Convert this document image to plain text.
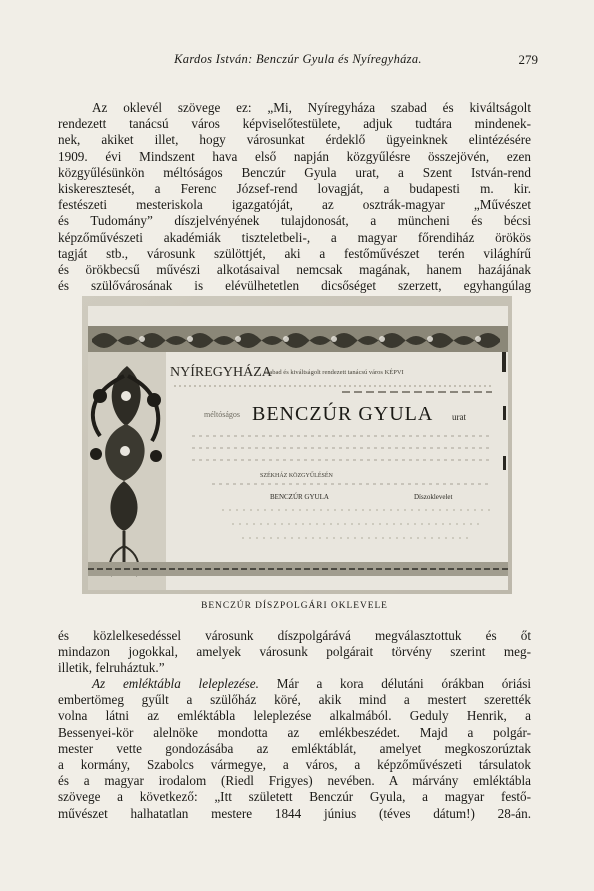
Kardos István: Benczúr Gyula és Nyíregyháza.	279
Az oklevél szövege ez: „Mi, Nyíregyháza szabad és kiváltságolt
rendezett tanácsú város képviselőtestülete, adjuk tudtára mindenek-
nek, akiket illet, hogy városunkat érdeklő ügyeinknek elintézésére
1909. évi Mindszent hava első napján közgyűlésre összejövén, ezen
közgyűlésünkön méltóságos Benczúr Gyula urat, a Szent István-rend
kiskeresztesét, a Ferenc József-rend lovagját, a budapesti m. kir.
festészeti mesteriskola igazgatóját, az osztrák-magyar „Művészet
és Tudomány” díszjelvényének tulajdonosát, a müncheni és bécsi
képzőművészeti akadémiák tiszteletbeli-, a magyar főrendiház örökös
tagját stb., városunk szülöttjét, aki a festőművészet terén világhírű
és örökbecsű művészi alkotásaival nemcsak magának, hanem hazájának
és szülővárosának is elévülhetetlen dicsőséget szerzett, egyhangúlag
NYÍREGYHÁZA
szabad és kiváltságolt rendezett tanácsú város KÉPVI
méltóságos BENCZÚR GYULA urat
SZÉKHÁZ KÖZGYŰLÉSÉN
BENCZÚR GYULA	Díszoklevelet
BENCZÚR DÍSZPOLGÁRI OKLEVELE
és közlelkesedéssel városunk díszpolgárává megválasztottuk és őt
mindazon jogokkal, amelyek városunk polgárait törvény szerint meg-
illetik, felruháztuk.”
Az emléktábla leleplezése. Már a kora délutáni órákban óriási
embertömeg gyűlt a szülőház köré, akik mind a mestert szerették
volna látni az emléktábla leleplezése alkalmából. Geduly Henrik, a
Bessenyei-kör alelnöke mondotta az emlékbeszédet. Majd a polgár-
mester vette gondozásába az emléktáblát, amelyet megkoszorúztak
a kormány, Szabolcs vármegye, a város, a képzőművészeti társulatok
és a magyar irodalom (Riedl Frigyes) nevében. A márvány emléktábla
szövege a következő: „Itt született Benczúr Gyula, a magyar festő-
művészet halhatatlan mestere 1844 június (téves dátum!) 28-án.
